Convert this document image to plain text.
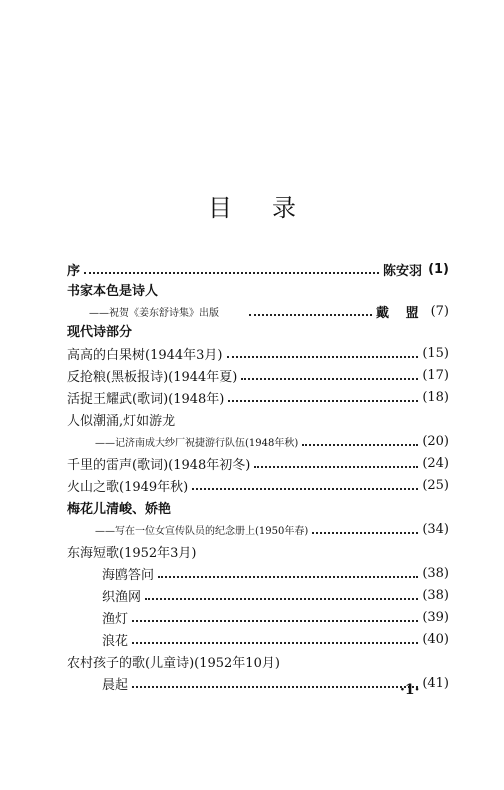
目录
序	陈安羽 (1)
书家本色是诗人
——祝贺《姜东舒诗集》出版	戴 盟 (7)
现代诗部分
高高的白果树(1944年3月)	(15)
反抢粮(黑板报诗)(1944年夏)	(17)
活捉王耀武(歌词)(1948年)	(18)
人似潮涌,灯如游龙
——记济南成大纱厂祝捷游行队伍(1948年秋)	(20)
千里的雷声(歌词)(1948年初冬)	(24)
火山之歌(1949年秋)	(25)
梅花儿清峻、娇艳
——写在一位女宣传队员的纪念册上(1950年春)	(34)
东海短歌(1952年3月)
海鸥答问	(38)
织渔网	(38)
渔灯	(39)
浪花	(40)
农村孩子的歌(儿童诗)(1952年10月)
晨起	(41)
·1·
